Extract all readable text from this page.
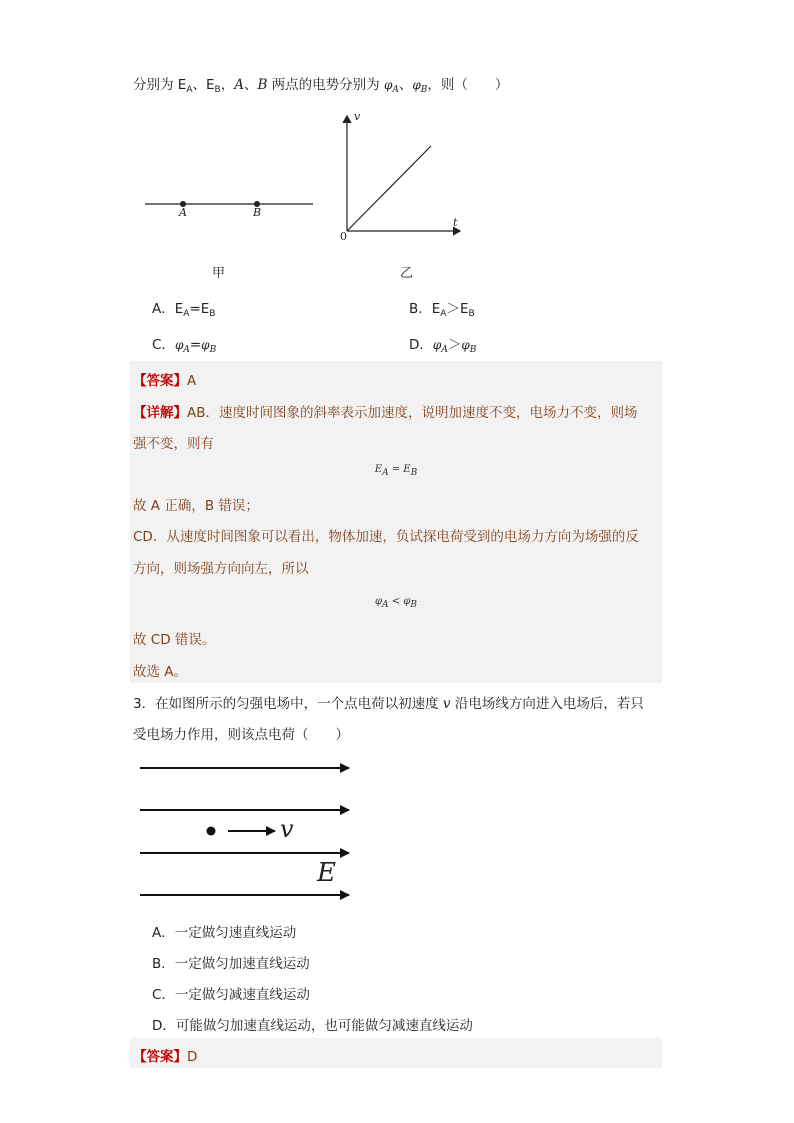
分别为 $E_A$、$E_B$，A、B 两点的电势分别为 $\varphi_A$、$\varphi_B$，则（　　）
A	B
甲
v
t
0
乙
A．$E_A=E_B$	B．$E_A>E_B$
C．$\varphi_A=\varphi_B$	D．$\varphi_A>\varphi_B$
【答案】A
【详解】AB．速度时间图象的斜率表示加速度，说明加速度不变，电场力不变，则场
强不变，则有
EA = EB
故 A 正确，B 错误；
CD．从速度时间图象可以看出，物体加速，负试探电荷受到的电场力方向为场强的反
方向，则场强方向向左，所以
φA < φB
故 CD 错误。
故选 A。
3．在如图所示的匀强电场中，一个点电荷以初速度 v 沿电场线方向进入电场后，若只
受电场力作用，则该点电荷（　　）
v
E
A．一定做匀速直线运动
B．一定做匀加速直线运动
C．一定做匀减速直线运动
D．可能做匀加速直线运动，也可能做匀减速直线运动
【答案】D
